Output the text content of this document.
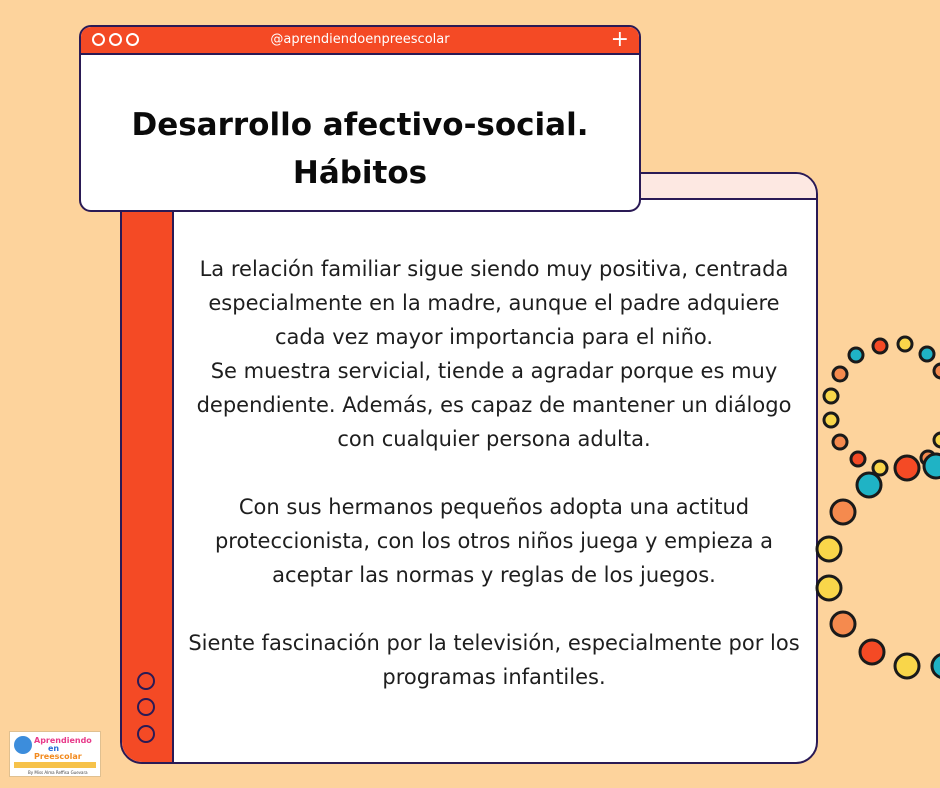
La relación familiar sigue siendo muy positiva, centrada
especialmente en la madre, aunque el padre adquiere
cada vez mayor importancia para el niño.
Se muestra servicial, tiende a agradar porque es muy
dependiente. Además, es capaz de mantener un diálogo
con cualquier persona adulta.

Con sus hermanos pequeños adopta una actitud
proteccionista, con los otros niños juega y empieza a
aceptar las normas y reglas de los juegos.

Siente fascinación por la televisión, especialmente por los
programas infantiles.

@aprendiendoenpreescolar	+
Desarrollo afectivo-social.
Hábitos
Aprendiendo
en
Preescolar
By Miss Alma Reffisa Guevara
